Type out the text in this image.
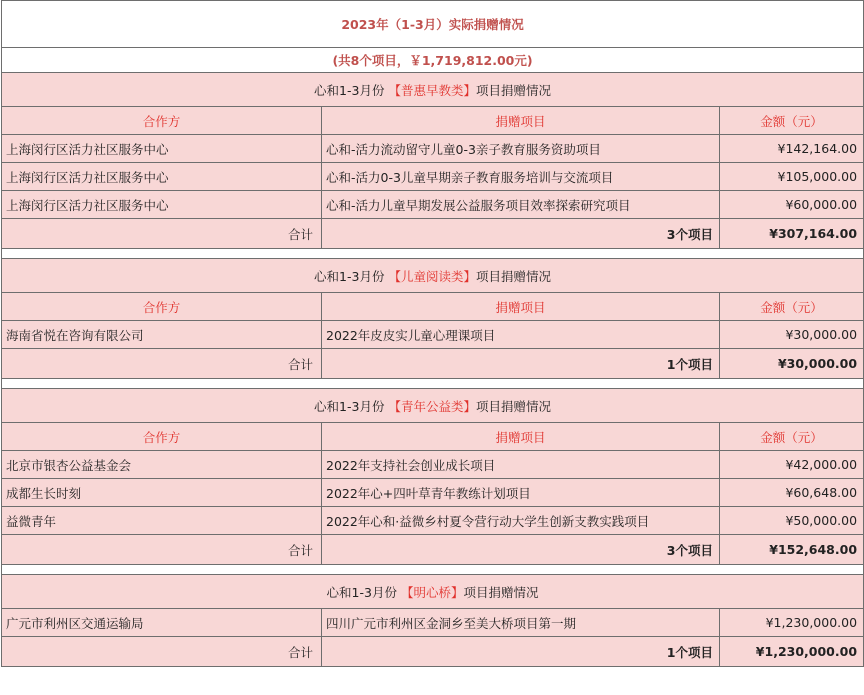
2023年（1-3月）实际捐赠情况		
(共8个项目，￥1,719,812.00元)		
心和1-3月份 【普惠早教类】项目捐赠情况		
合作方	捐赠项目	金额（元）
上海闵行区活力社区服务中心	心和-活力流动留守儿童0-3亲子教育服务资助项目	¥142,164.00
上海闵行区活力社区服务中心	心和-活力0-3儿童早期亲子教育服务培训与交流项目	¥105,000.00
上海闵行区活力社区服务中心	心和-活力儿童早期发展公益服务项目效率探索研究项目	¥60,000.00
合计	3个项目	¥307,164.00

心和1-3月份 【儿童阅读类】项目捐赠情况		
合作方	捐赠项目	金额（元）
海南省悦在咨询有限公司	2022年皮皮实儿童心理课项目	¥30,000.00
合计	1个项目	¥30,000.00

心和1-3月份 【青年公益类】项目捐赠情况		
合作方	捐赠项目	金额（元）
北京市银杏公益基金会	2022年支持社会创业成长项目	¥42,000.00
成都生长时刻	2022年心+四叶草青年教练计划项目	¥60,648.00
益微青年	2022年心和·益微乡村夏令营行动大学生创新支教实践项目	¥50,000.00
合计	3个项目	¥152,648.00

心和1-3月份 【明心桥】项目捐赠情况		
广元市利州区交通运输局	四川广元市利州区金洞乡至美大桥项目第一期	¥1,230,000.00
合计	1个项目	¥1,230,000.00
